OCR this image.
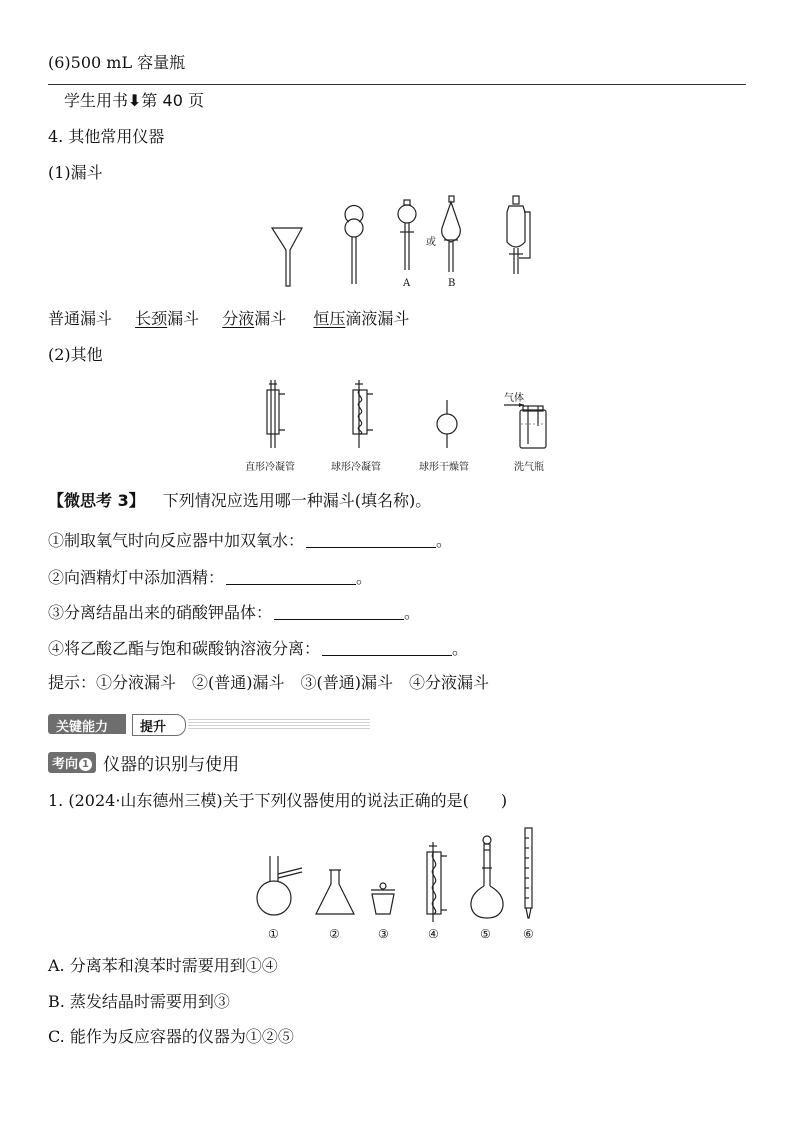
(6)500 mL 容量瓶
学生用书⬇第 40 页
4. 其他常用仪器
(1)漏斗
A
或
B
普通漏斗 长颈漏斗 分液漏斗 恒压滴液漏斗
(2)其他
气体
直形冷凝管	球形冷凝管	球形干燥管	洗气瓶
【微思考 3】 下列情况应选用哪一种漏斗(填名称)。
①制取氧气时向反应器中加双氧水：	。
②向酒精灯中添加酒精：	。
③分离结晶出来的硝酸钾晶体：	。
④将乙酸乙酯与饱和碳酸钠溶液分离：	。
提示：①分液漏斗　②(普通)漏斗　③(普通)漏斗　④分液漏斗
关键能力 提升
考向 1 仪器的识别与使用
1. (2024·山东德州三模)关于下列仪器使用的说法正确的是(　　)
①	②	③	④	⑤	⑥
A. 分离苯和溴苯时需要用到①④
B. 蒸发结晶时需要用到③
C. 能作为反应容器的仪器为①②⑤
